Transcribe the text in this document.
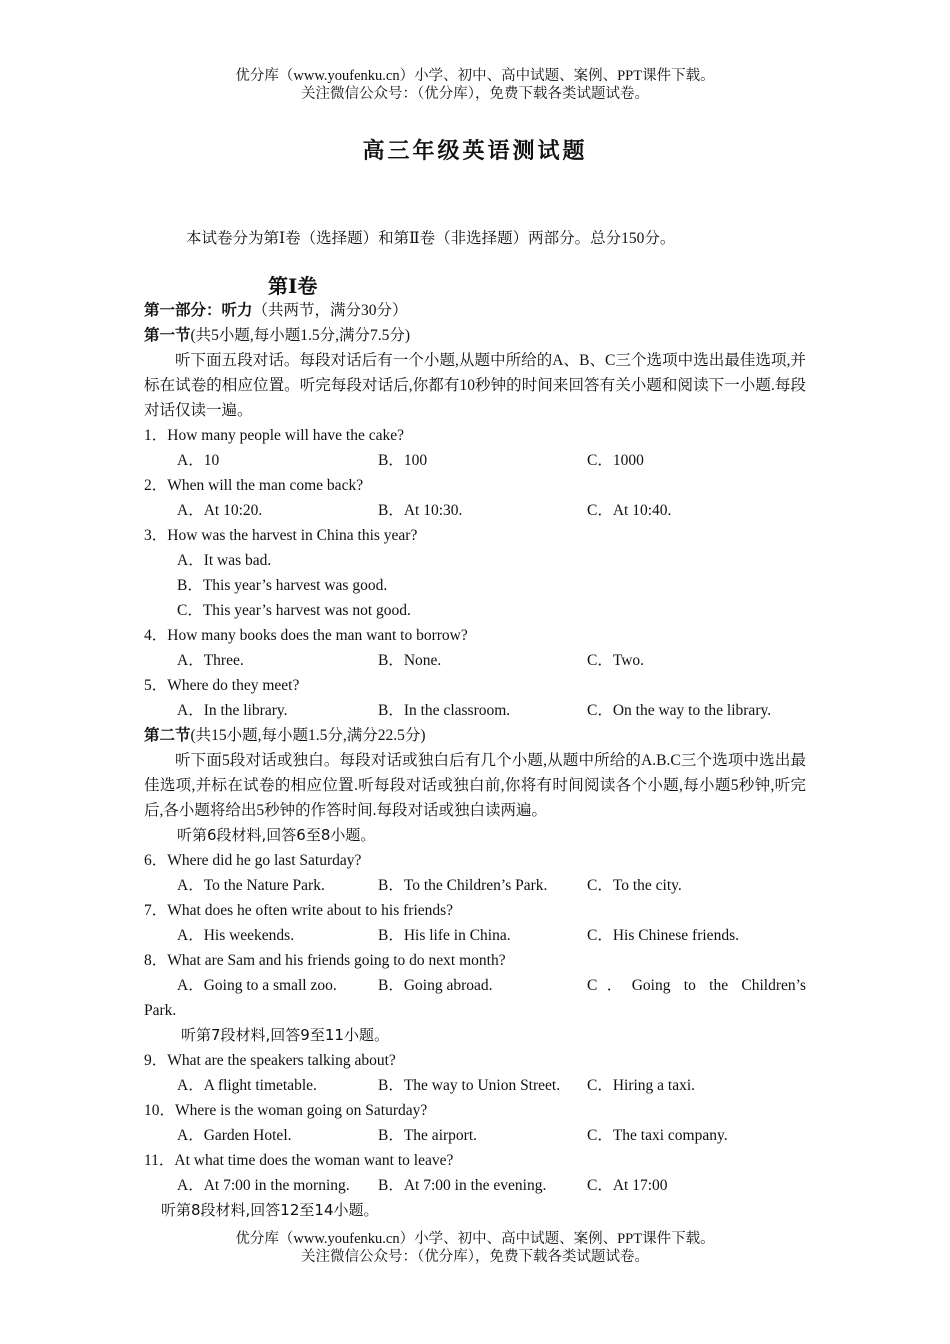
优分库（www.youfenku.cn）小学、初中、高中试题、案例、PPT课件下载。
关注微信公众号：（优分库），免费下载各类试题试卷。
高三年级英语测试题
本试卷分为第Ⅰ卷（选择题）和第Ⅱ卷（非选择题）两部分。总分150分。
第Ⅰ卷
第一部分：听力（共两节，满分30分）
第一节(共5小题,每小题1.5分,满分7.5分)
听下面五段对话。每段对话后有一个小题,从题中所给的A、B、C三个选项中选出最佳选项,并标在试卷的相应位置。听完每段对话后,你都有10秒钟的时间来回答有关小题和阅读下一小题.每段对话仅读一遍。
1．How many people will have the cake?
A．10	B．100	C．1000
2．When will the man come back?
A．At 10:20.	B．At 10:30.	C．At 10:40.
3．How was the harvest in China this year?
A．It was bad.
B．This year’s harvest was good.
C．This year’s harvest was not good.
4．How many books does the man want to borrow?
A．Three.	B．None.	C．Two.
5．Where do they meet?
A．In the library.	B．In the classroom.	C．On the way to the library.
第二节(共15小题,每小题1.5分,满分22.5分)
听下面5段对话或独白。每段对话或独白后有几个小题,从题中所给的A.B.C三个选项中选出最佳选项,并标在试卷的相应位置.听每段对话或独白前,你将有时间阅读各个小题,每小题5秒钟,听完后,各小题将给出5秒钟的作答时间.每段对话或独白读两遍。
听第6段材料,回答6至8小题。
6．Where did he go last Saturday?
A．To the Nature Park.	B．To the Children’s Park.	C．To the city.
7．What does he often write about to his friends?
A．His weekends.	B．His life in China.	C．His Chinese friends.
8．What are Sam and his friends going to do next month?
A．Going to a small zoo.	B．Going abroad.	C．Going to the Children’s
Park.
听第7段材料,回答9至11小题。
9．What are the speakers talking about?
A．A flight timetable.	B．The way to Union Street. C．Hiring a taxi.
10．Where is the woman going on Saturday?
A．Garden Hotel.	B．The airport.	C．The taxi company.
11．At what time does the woman want to leave?
A．At 7:00 in the morning. B．At 7:00 in the evening.	C．At 17:00
听第8段材料,回答12至14小题。
优分库（www.youfenku.cn）小学、初中、高中试题、案例、PPT课件下载。
关注微信公众号：（优分库），免费下载各类试题试卷。
